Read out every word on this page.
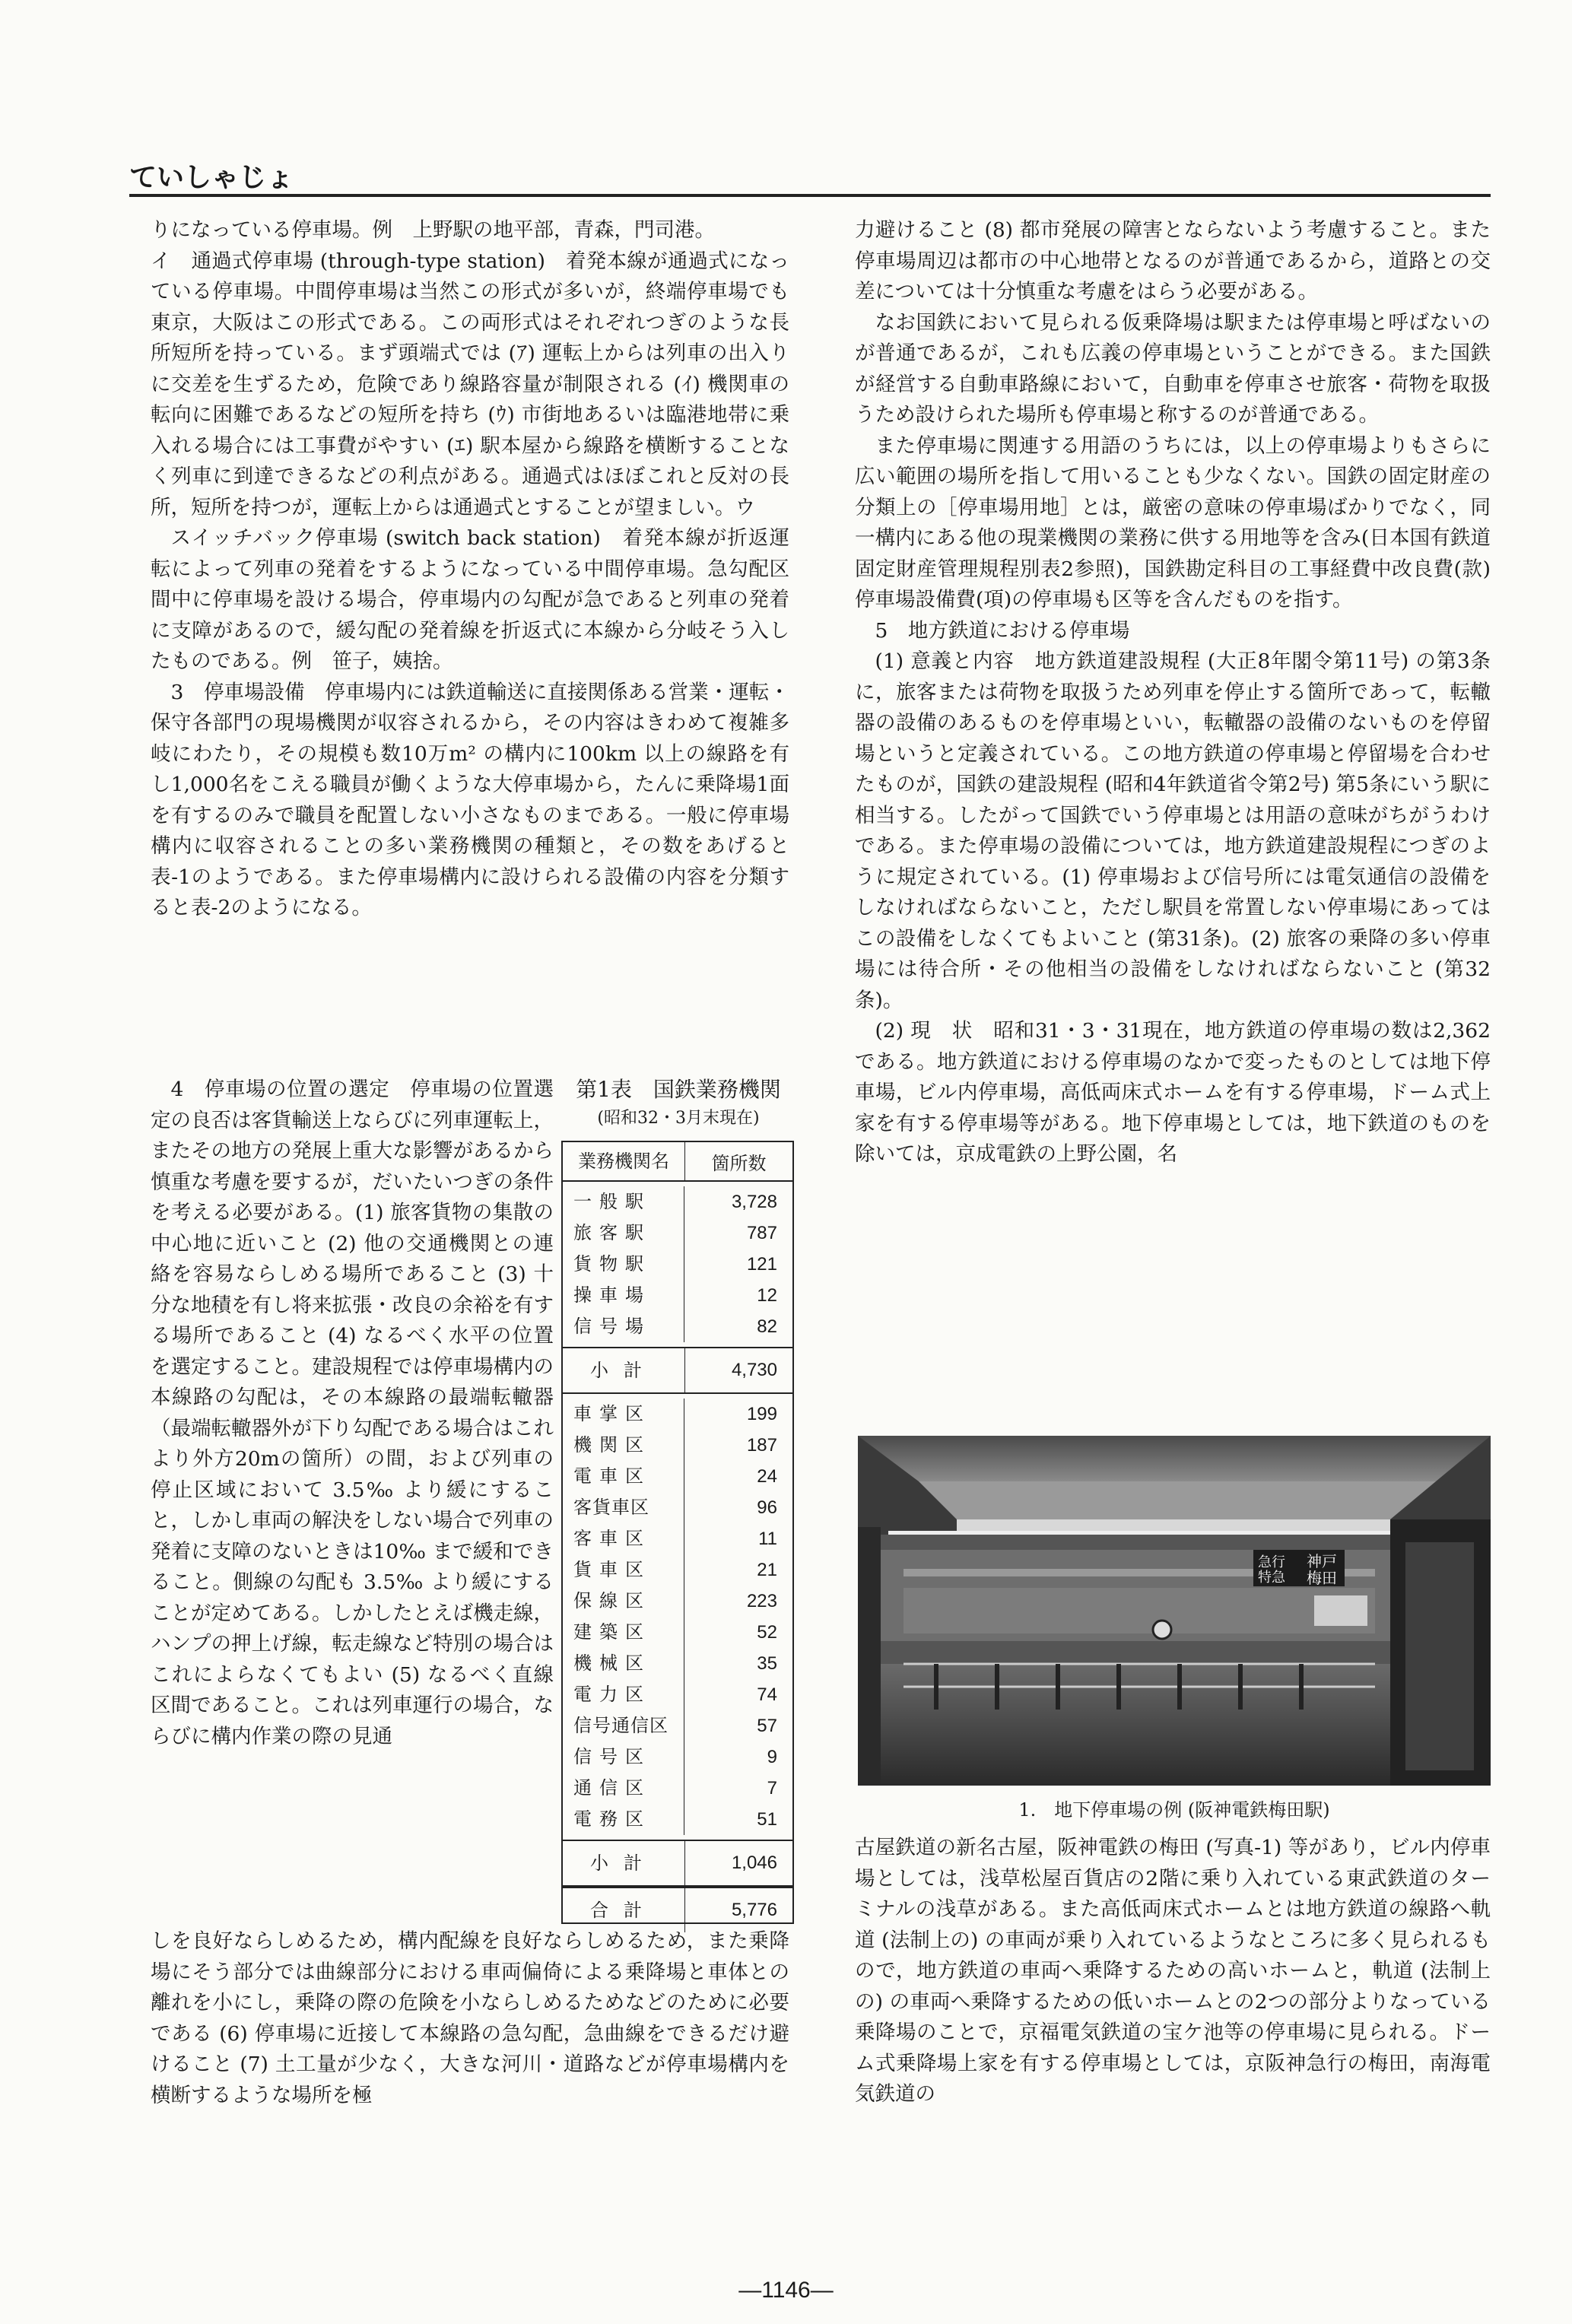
ていしゃじょ

りになっている停車場。例　上野駅の地平部，青森，門司港。

イ　通過式停車場 (through-type station)　着発本線が通過式になっている停車場。中間停車場は当然この形式が多いが，終端停車場でも東京，大阪はこの形式である。この両形式はそれぞれつぎのような長所短所を持っている。まず頭端式では (ｱ) 運転上からは列車の出入りに交差を生ずるため，危険であり線路容量が制限される (ｲ) 機関車の転向に困難であるなどの短所を持ち (ｳ) 市街地あるいは臨港地帯に乗入れる場合には工事費がやすい (ｴ) 駅本屋から線路を横断することなく列車に到達できるなどの利点がある。通過式はほぼこれと反対の長所，短所を持つが，運転上からは通過式とすることが望ましい。ウ

スイッチバック停車場 (switch back station)　着発本線が折返運転によって列車の発着をするようになっている中間停車場。急勾配区間中に停車場を設ける場合，停車場内の勾配が急であると列車の発着に支障があるので，緩勾配の発着線を折返式に本線から分岐そう入したものである。例　笹子，姨捨。

3　停車場設備　停車場内には鉄道輸送に直接関係ある営業・運転・保守各部門の現場機関が収容されるから，その内容はきわめて複雑多岐にわたり，その規模も数10万m² の構内に100km 以上の線路を有し1,000名をこえる職員が働くような大停車場から，たんに乗降場1面を有するのみで職員を配置しない小さなものまである。一般に停車場構内に収容されることの多い業務機関の種類と，その数をあげると表-1のようである。また停車場構内に設けられる設備の内容を分類すると表-2のようになる。

4　停車場の位置の選定　停車場の位置選定の良否は客貨輸送上ならびに列車運転上，またその地方の発展上重大な影響があるから慎重な考慮を要するが，だいたいつぎの条件を考える必要がある。(1) 旅客貨物の集散の中心地に近いこと (2) 他の交通機関との連絡を容易ならしめる場所であること (3) 十分な地積を有し将来拡張・改良の余裕を有する場所であること (4) なるべく水平の位置を選定すること。建設規程では停車場構内の本線路の勾配は，その本線路の最端転轍器（最端転轍器外が下り勾配である場合はこれより外方20mの箇所）の間，および列車の停止区域において 3.5‰ より緩にすること，しかし車両の解決をしない場合で列車の発着に支障のないときは10‰ まで緩和できること。側線の勾配も 3.5‰ より緩にすることが定めてある。しかしたとえば機走線，ハンプの押上げ線，転走線など特別の場合はこれによらなくてもよい (5) なるべく直線区間であること。これは列車運行の場合，ならびに構内作業の際の見通

第1表　国鉄業務機関
(昭和32・3月末現在)
業務機関名	箇所数
一般駅	3,728
旅客駅	787
貨物駅	121
操車場	12
信号場	82
小計	4,730
車掌区	199
機関区	187
電車区	24
客貨車区	96
客車区	11
貨車区	21
保線区	223
建築区	52
機械区	35
電力区	74
信号通信区	57
信号区	9
通信区	7
電務区	51
小計	1,046
合計	5,776

しを良好ならしめるため，構内配線を良好ならしめるため，また乗降場にそう部分では曲線部分における車両偏倚による乗降場と車体との離れを小にし，乗降の際の危険を小ならしめるためなどのために必要である (6) 停車場に近接して本線路の急勾配，急曲線をできるだけ避けること (7) 土工量が少なく，大きな河川・道路などが停車場構内を横断するような場所を極

力避けること (8) 都市発展の障害とならないよう考慮すること。また停車場周辺は都市の中心地帯となるのが普通であるから，道路との交差については十分慎重な考慮をはらう必要がある。

なお国鉄において見られる仮乗降場は駅または停車場と呼ばないのが普通であるが，これも広義の停車場ということができる。また国鉄が経営する自動車路線において，自動車を停車させ旅客・荷物を取扱うため設けられた場所も停車場と称するのが普通である。

また停車場に関連する用語のうちには，以上の停車場よりもさらに広い範囲の場所を指して用いることも少なくない。国鉄の固定財産の分類上の［停車場用地］とは，厳密の意味の停車場ばかりでなく，同一構内にある他の現業機関の業務に供する用地等を含み(日本国有鉄道固定財産管理規程別表2参照)，国鉄勘定科目の工事経費中改良費(款)停車場設備費(項)の停車場も区等を含んだものを指す。

5　地方鉄道における停車場

(1) 意義と内容　地方鉄道建設規程 (大正8年閣令第11号) の第3条に，旅客または荷物を取扱うため列車を停止する箇所であって，転轍器の設備のあるものを停車場といい，転轍器の設備のないものを停留場というと定義されている。この地方鉄道の停車場と停留場を合わせたものが，国鉄の建設規程 (昭和4年鉄道省令第2号) 第5条にいう駅に相当する。したがって国鉄でいう停車場とは用語の意味がちがうわけである。また停車場の設備については，地方鉄道建設規程につぎのように規定されている。(1) 停車場および信号所には電気通信の設備をしなければならないこと，ただし駅員を常置しない停車場にあってはこの設備をしなくてもよいこと (第31条)。(2) 旅客の乗降の多い停車場には待合所・その他相当の設備をしなければならないこと (第32条)。

(2) 現　状　昭和31・3・31現在，地方鉄道の停車場の数は2,362である。地方鉄道における停車場のなかで変ったものとしては地下停車場，ビル内停車場，高低両床式ホームを有する停車場，ドーム式上家を有する停車場等がある。地下停車場としては，地下鉄道のものを除いては，京成電鉄の上野公園，名

急行
特急
神戸
梅田
1.　地下停車場の例 (阪神電鉄梅田駅)

古屋鉄道の新名古屋，阪神電鉄の梅田 (写真-1) 等があり，ビル内停車場としては，浅草松屋百貨店の2階に乗り入れている東武鉄道のターミナルの浅草がある。また高低両床式ホームとは地方鉄道の線路へ軌道 (法制上の) の車両が乗り入れているようなところに多く見られるもので，地方鉄道の車両へ乗降するための高いホームと，軌道 (法制上の) の車両へ乗降するための低いホームとの2つの部分よりなっている乗降場のことで，京福電気鉄道の宝ケ池等の停車場に見られる。ドーム式乗降場上家を有する停車場としては，京阪神急行の梅田，南海電気鉄道の

—1146—
